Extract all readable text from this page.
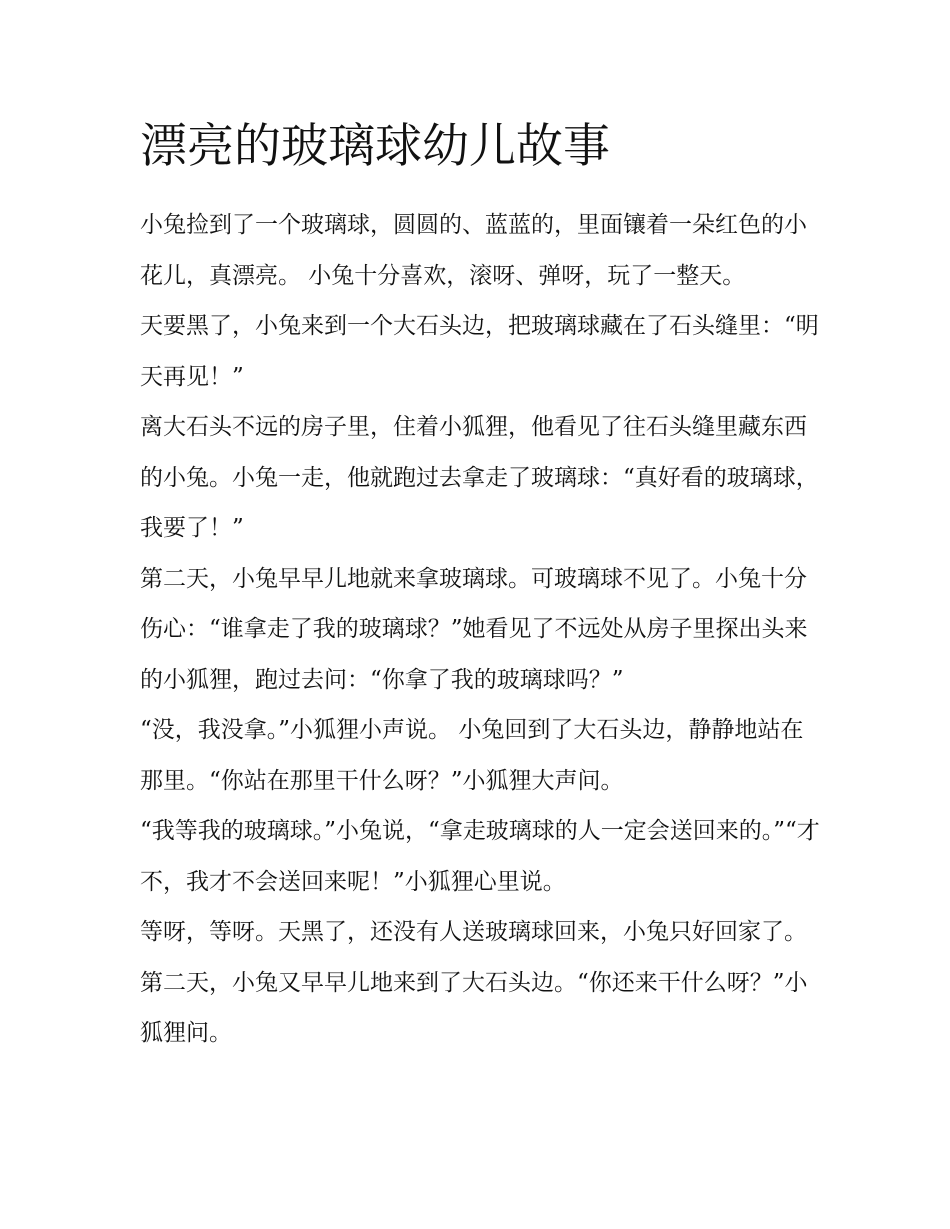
漂亮的玻璃球幼儿故事

小兔捡到了一个玻璃球，圆圆的、蓝蓝的，里面镶着一朵红色的小花儿，真漂亮。 小兔十分喜欢，滚呀、弹呀，玩了一整天。

天要黑了，小兔来到一个大石头边，把玻璃球藏在了石头缝里：“明天再见！”

离大石头不远的房子里，住着小狐狸，他看见了往石头缝里藏东西的小兔。小兔一走，他就跑过去拿走了玻璃球：“真好看的玻璃球，我要了！”

第二天，小兔早早儿地就来拿玻璃球。可玻璃球不见了。小兔十分伤心：“谁拿走了我的玻璃球？”她看见了不远处从房子里探出头来的小狐狸，跑过去问：“你拿了我的玻璃球吗？”

“没，我没拿。”小狐狸小声说。 小兔回到了大石头边，静静地站在那里。“你站在那里干什么呀？”小狐狸大声问。

“我等我的玻璃球。”小兔说，“拿走玻璃球的人一定会送回来的。”“才不，我才不会送回来呢！”小狐狸心里说。

等呀，等呀。天黑了，还没有人送玻璃球回来，小兔只好回家了。 第二天，小兔又早早儿地来到了大石头边。“你还来干什么呀？”小狐狸问。
